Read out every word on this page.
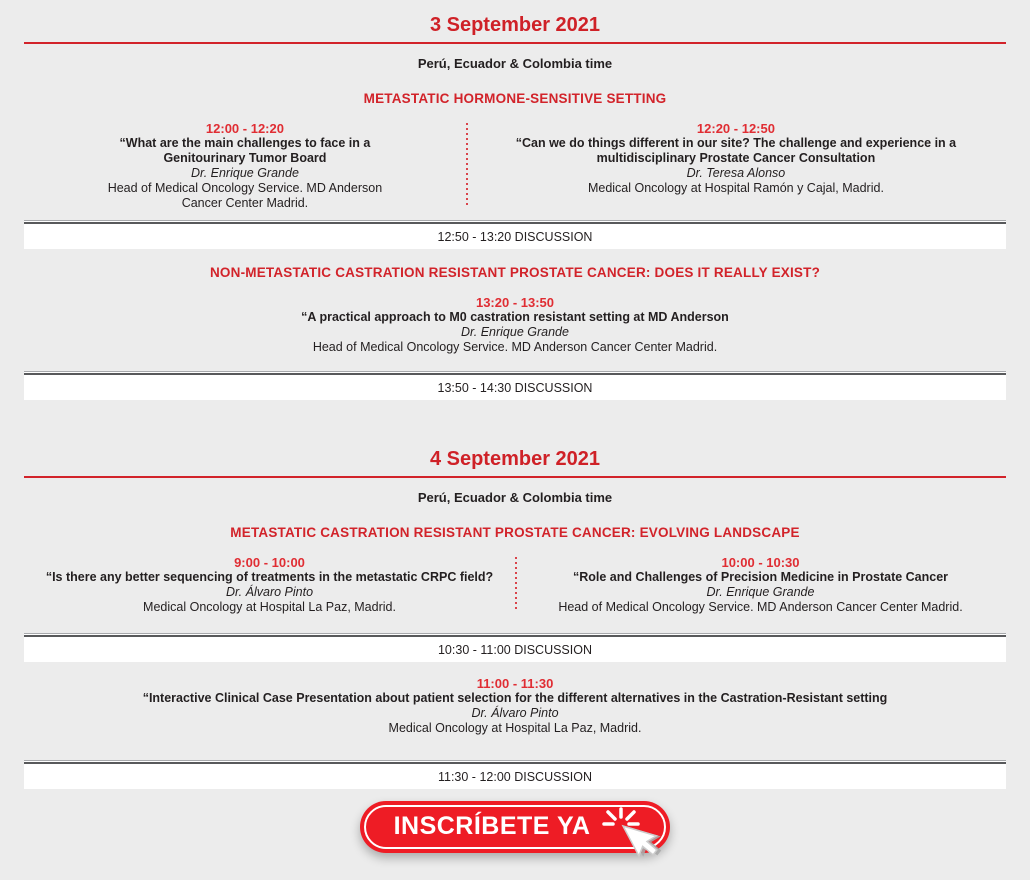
3 September 2021

Perú, Ecuador & Colombia time

METASTATIC HORMONE-SENSITIVE SETTING

12:00 - 12:20

“What are the main challenges to face in a Genitourinary Tumor Board

Dr. Enrique Grande

Head of Medical Oncology Service. MD Anderson Cancer Center Madrid.

12:20 - 12:50

“Can we do things different in our site? The challenge and experience in a multidisciplinary Prostate Cancer Consultation

Dr. Teresa Alonso

Medical Oncology at Hospital Ramón y Cajal, Madrid.

12:50 - 13:20 DISCUSSION
NON-METASTATIC CASTRATION RESISTANT PROSTATE CANCER: DOES IT REALLY EXIST?

13:20 - 13:50

“A practical approach to M0 castration resistant setting at MD Anderson

Dr. Enrique Grande

Head of Medical Oncology Service. MD Anderson Cancer Center Madrid.

13:50 - 14:30 DISCUSSION
4 September 2021

Perú, Ecuador & Colombia time

METASTATIC CASTRATION RESISTANT PROSTATE CANCER: EVOLVING LANDSCAPE

9:00 - 10:00

“Is there any better sequencing of treatments in the metastatic CRPC field?

Dr. Álvaro Pinto

Medical Oncology at Hospital La Paz, Madrid.

10:00 - 10:30

“Role and Challenges of Precision Medicine in Prostate Cancer

Dr. Enrique Grande

Head of Medical Oncology Service. MD Anderson Cancer Center Madrid.

10:30 - 11:00 DISCUSSION

11:00 - 11:30

“Interactive Clinical Case Presentation about patient selection for the different alternatives in the Castration-Resistant setting

Dr. Álvaro Pinto

Medical Oncology at Hospital La Paz, Madrid.

11:30 - 12:00 DISCUSSION
INSCRÍBETE YA
